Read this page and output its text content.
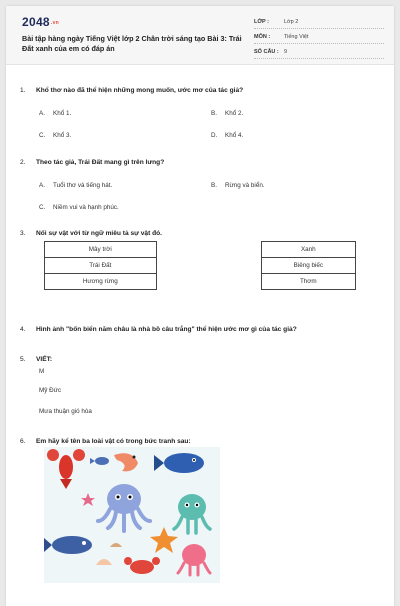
2048.vn
Bài tập hàng ngày Tiếng Việt lớp 2 Chân trời sáng tạo Bài 3: Trái Đất xanh của em có đáp án
LỚP :	Lớp 2
MÔN :	Tiếng Việt
SỐ CÂU : 9
1. Khổ thơ nào đã thể hiện những mong muốn, ước mơ của tác giả?
A. Khổ 1.	B. Khổ 2.
C. Khổ 3.	D. Khổ 4.
2. Theo tác giả, Trái Đất mang gì trên lưng?
A. Tuổi thơ và tiếng hát.	B. Rừng và biển.
C. Niềm vui và hạnh phúc.
3. Nối sự vật với từ ngữ miêu tả sự vật đó.
Mây trời		Xanh
Trái Đất		Biêng biếc
Hương rừng		Thơm
4. Hình ảnh "bốn biển năm châu là nhà bồ câu trắng" thể hiện ước mơ gì của tác giả?
5. VIẾT:
M
Mỹ Đức
Mưa thuận gió hòa
6. Em hãy kể tên ba loài vật có trong bức tranh sau:
